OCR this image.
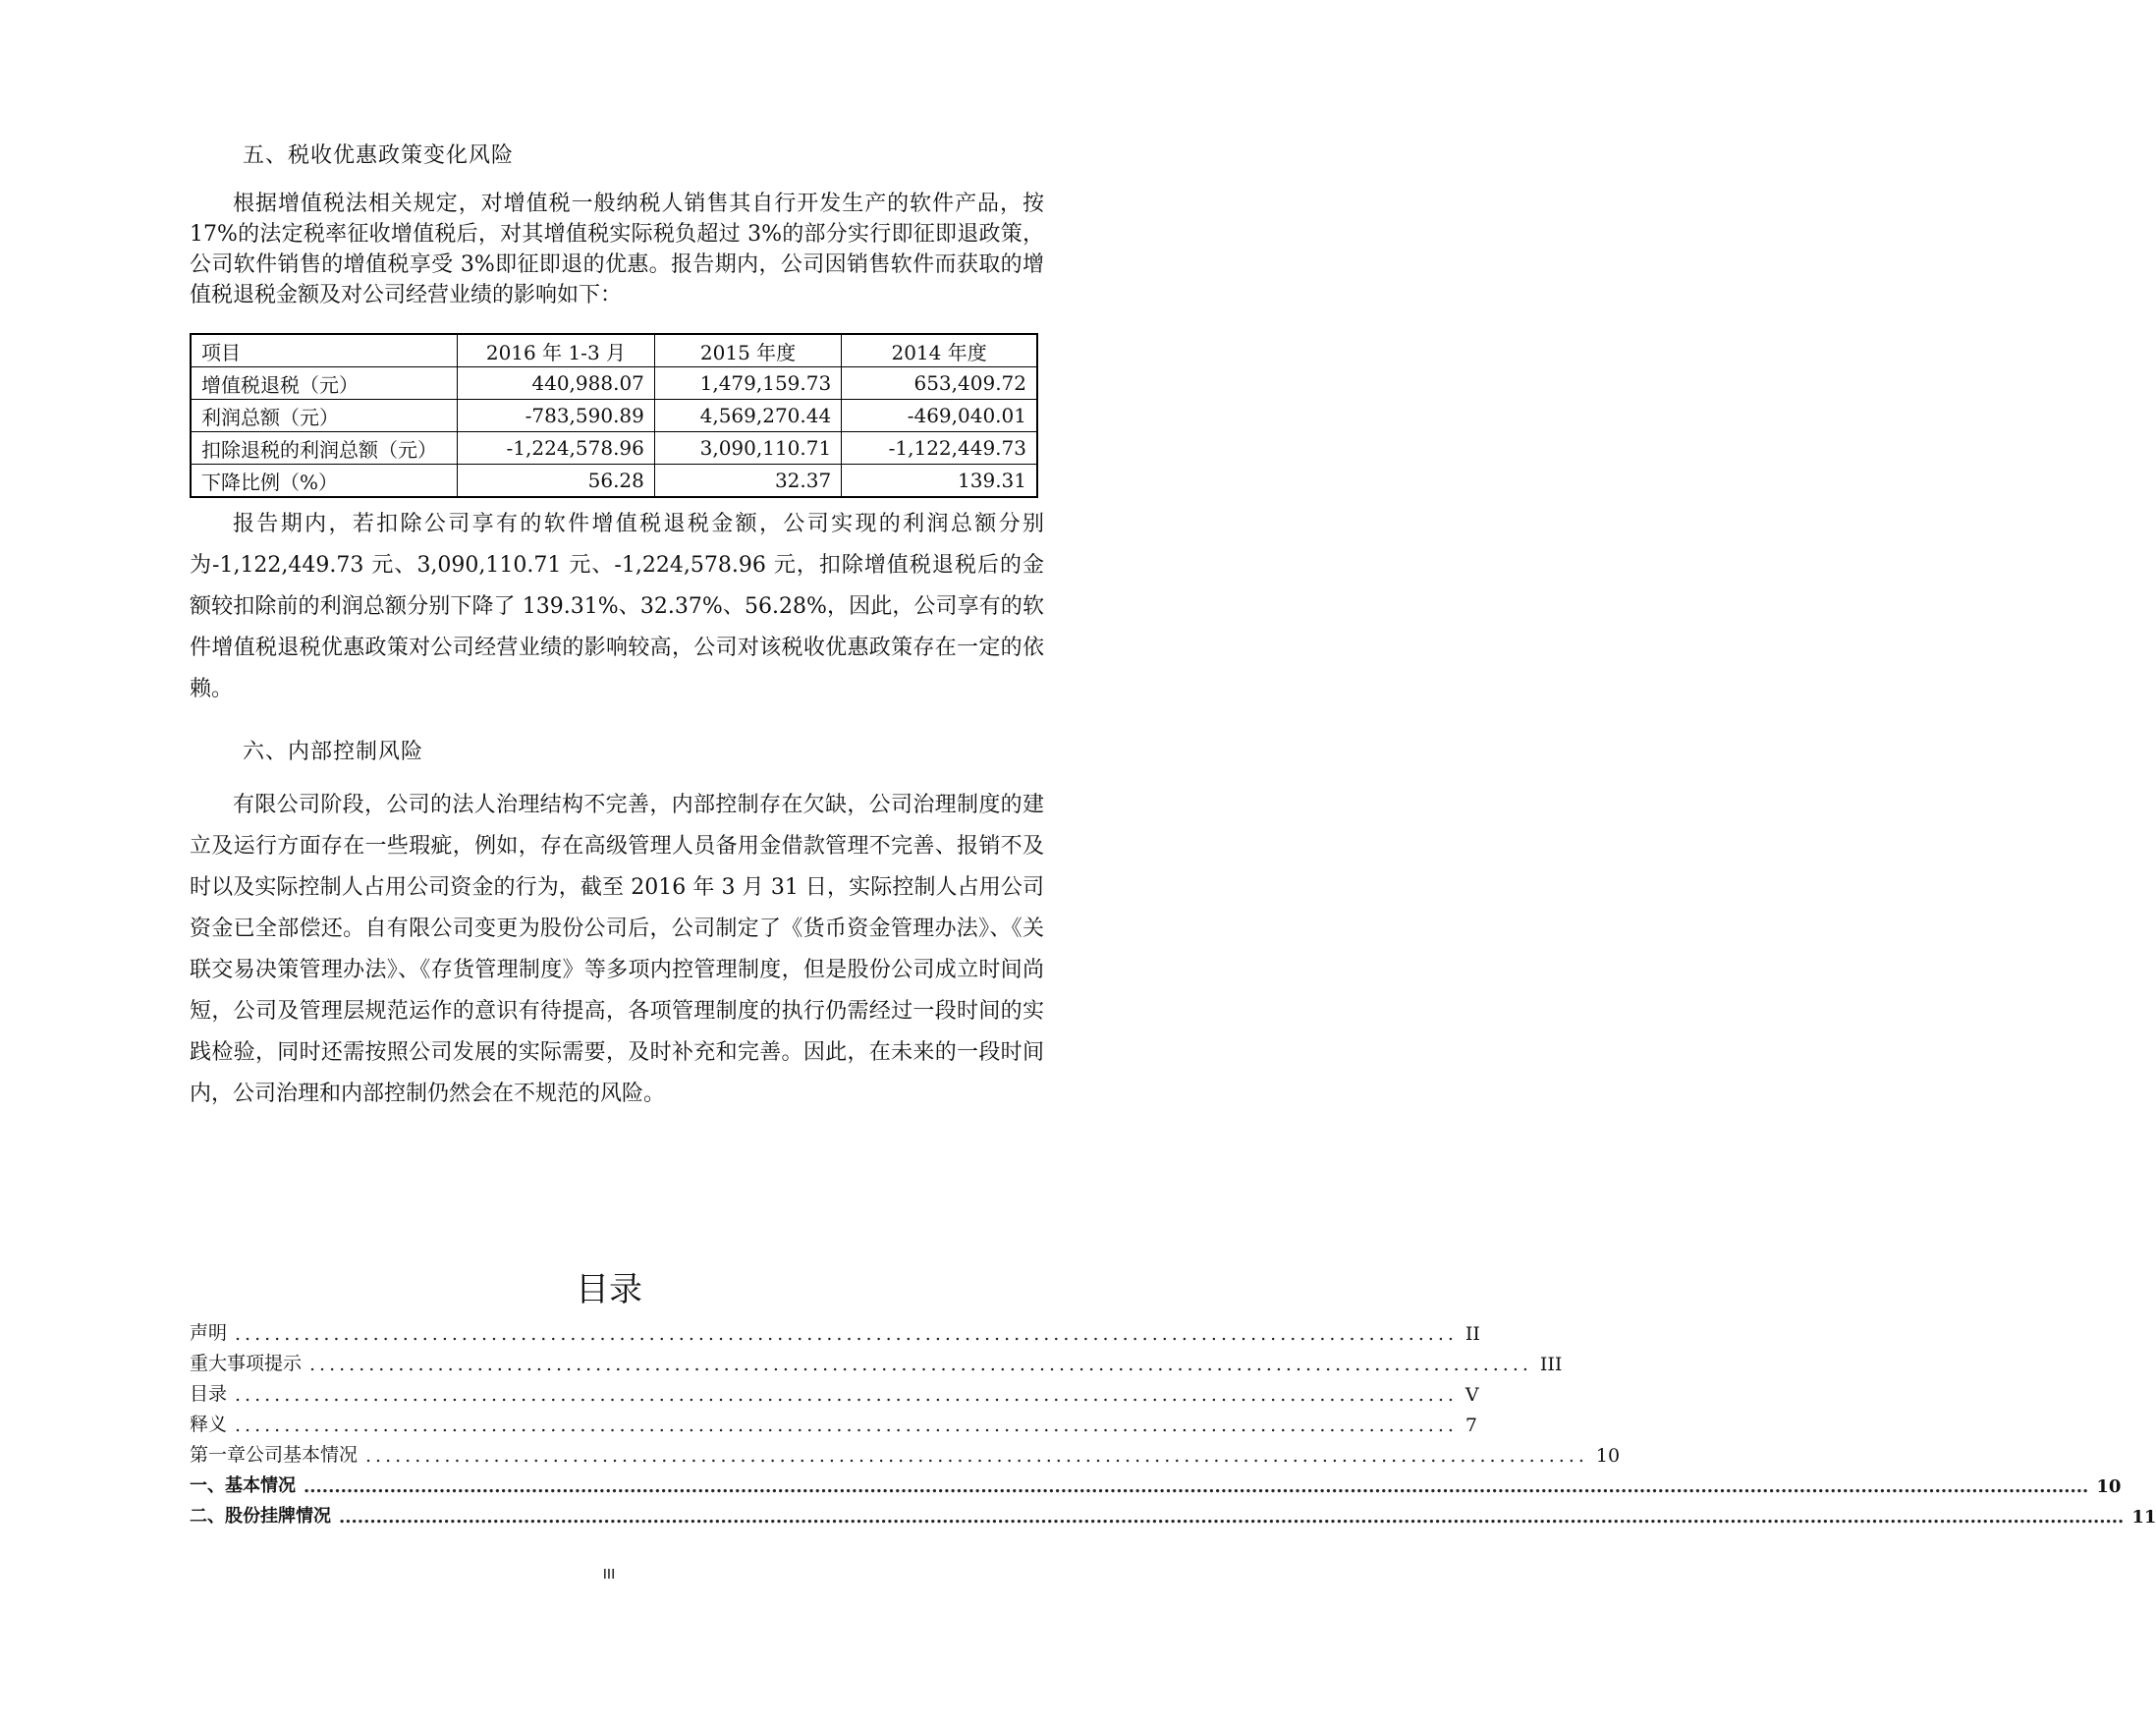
五、税收优惠政策变化风险
根据增值税法相关规定，对增值税一般纳税人销售其自行开发生产的软件产品，按 17%的法定税率征收增值税后，对其增值税实际税负超过 3%的部分实行即征即退政策，公司软件销售的增值税享受 3%即征即退的优惠。报告期内，公司因销售软件而获取的增值税退税金额及对公司经营业绩的影响如下：
项目	2016 年 1-3 月	2015 年度	2014 年度
增值税退税（元）	440,988.07	1,479,159.73	653,409.72
利润总额（元）	-783,590.89	4,569,270.44	-469,040.01
扣除退税的利润总额（元）	-1,224,578.96	3,090,110.71	-1,122,449.73
下降比例（%）	56.28	32.37	139.31
报告期内，若扣除公司享有的软件增值税退税金额，公司实现的利润总额分别为-1,122,449.73 元、3,090,110.71 元、-1,224,578.96 元，扣除增值税退税后的金额较扣除前的利润总额分别下降了 139.31%、32.37%、56.28%，因此，公司享有的软件增值税退税优惠政策对公司经营业绩的影响较高，公司对该税收优惠政策存在一定的依赖。
六、内部控制风险
有限公司阶段，公司的法人治理结构不完善，内部控制存在欠缺，公司治理制度的建立及运行方面存在一些瑕疵，例如，存在高级管理人员备用金借款管理不完善、报销不及时以及实际控制人占用公司资金的行为，截至 2016 年 3 月 31 日，实际控制人占用公司资金已全部偿还。自有限公司变更为股份公司后，公司制定了《货币资金管理办法》、《关联交易决策管理办法》、《存货管理制度》等多项内控管理制度，但是股份公司成立时间尚短，公司及管理层规范运作的意识有待提高，各项管理制度的执行仍需经过一段时间的实践检验，同时还需按照公司发展的实际需要，及时补充和完善。因此，在未来的一段时间内，公司治理和内部控制仍然会在不规范的风险。
目录
声明 ............................................................................................................................ II
重大事项提示 ............................................................................................................................ III
目录 ............................................................................................................................ V
释义 ............................................................................................................................ 7
第一章公司基本情况 ............................................................................................................................ 10
一、基本情况 .................................................................................................................................................................................................................................................................................................. 10
二、股份挂牌情况 .................................................................................................................................................................................................................................................................................................. 11
III
